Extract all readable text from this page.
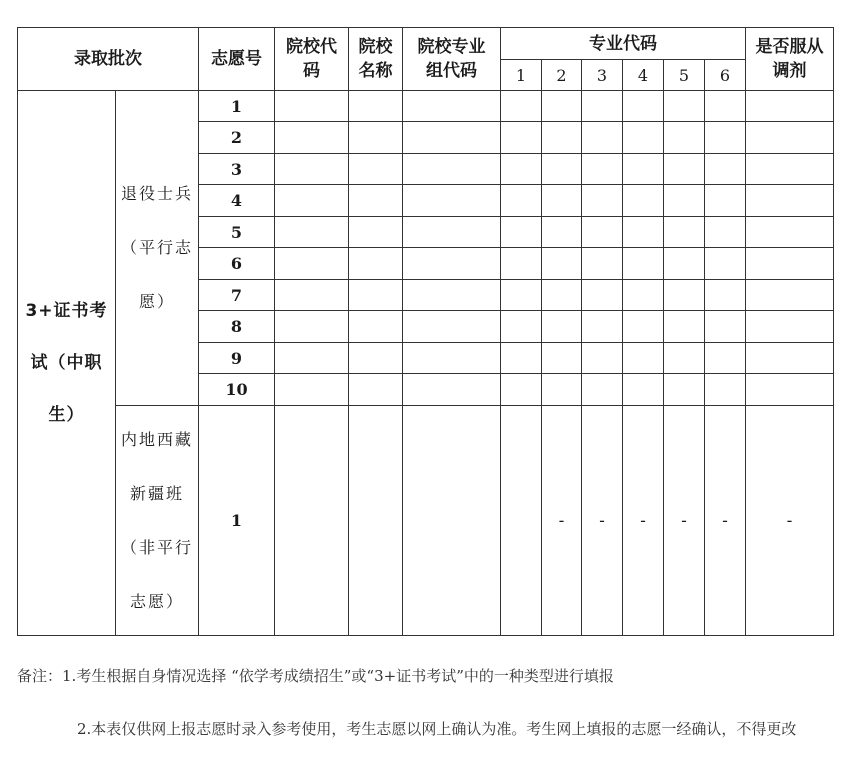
录取批次		志愿号	院校代码	院校名称	院校专业组代码	专业代码						是否服从调剂

						1	2	3	4	5	6	

3+证书考试（中职生）	退役士兵（平行志愿）	1										
		2										
		3										
		4										
		5										
		6										
		7										
		8										
		9										
		10										

	内地西藏新疆班（非平行志愿）	1					-	-	-	-	-	-
备注：1.考生根据自身情况选择 “依学考成绩招生”或“3+证书考试”中的一种类型进行填报
2.本表仅供网上报志愿时录入参考使用，考生志愿以网上确认为准。考生网上填报的志愿一经确认，不得更改
